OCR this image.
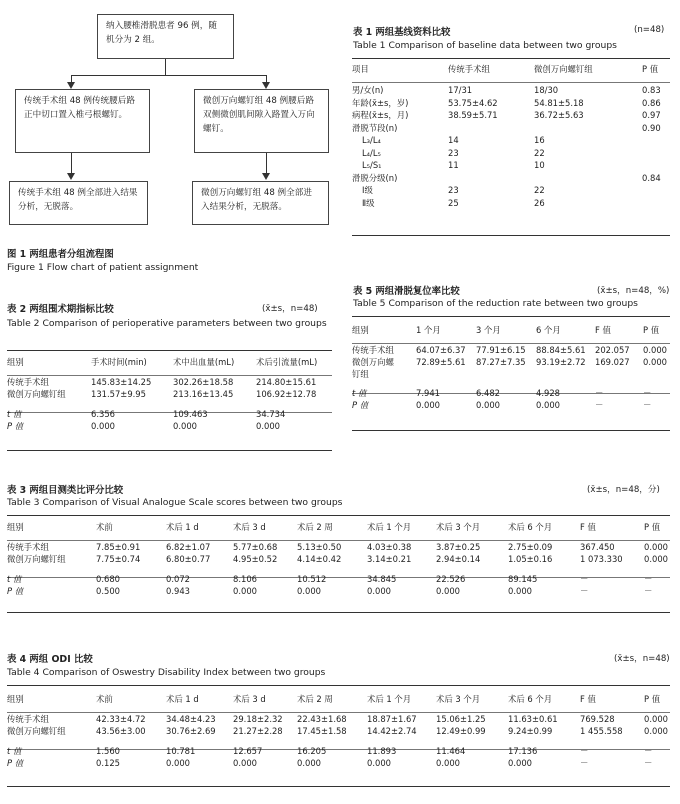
纳入腰椎滑脱患者 96 例，随机分为 2 组。
传统手术组 48 例传统腰后路正中切口置入椎弓根螺钉。
微创万向螺钉组 48 例腰后路双侧微创肌间隙入路置入万向螺钉。
传统手术组 48 例全部进入结果分析，无脱落。
微创万向螺钉组 48 例全部进入结果分析，无脱落。
图 1 两组患者分组流程图
Figure 1 Flow chart of patient assignment
表 1 两组基线资料比较	(n=48)
Table 1 Comparison of baseline data between two groups
项目	传统手术组	微创万向螺钉组	P 值

男/女(n)	17/31	18/30	0.83
年龄(x̄±s，岁)	53.75±4.62	54.81±5.18	0.86
病程(x̄±s，月)	38.59±5.71	36.72±5.63	0.97
滑脱节段(n)			0.90
L₃/L₄	14	16	
L₄/L₅	23	22	
L₅/S₁	11	10	
滑脱分级(n)			0.84
Ⅰ级	23	22	
Ⅱ级	25	26	
表 2 两组围术期指标比较	(x̄±s，n=48)
Table 2 Comparison of perioperative parameters between two groups
组别	手术时间(min)	术中出血量(mL)	术后引流量(mL)

传统手术组	145.83±14.25	302.26±18.58	214.80±15.61
微创万向螺钉组	131.57±9.95	213.16±13.45	106.92±12.78

t 值	6.356	109.463	34.734
P 值	0.000	0.000	0.000
表 5 两组滑脱复位率比较	(x̄±s，n=48，%)
Table 5 Comparison of the reduction rate between two groups
组别	1 个月	3 个月	6 个月	F 值	P 值

传统手术组	64.07±6.37	77.91±6.15	88.84±5.61	202.057	0.000
微创万向螺	72.89±5.61	87.27±7.35	93.19±2.72	169.027	0.000
钉组					

t 值	7.941	6.482	4.928	－	－
P 值	0.000	0.000	0.000	－	－
表 3 两组目测类比评分比较	(x̄±s，n=48，分)
Table 3 Comparison of Visual Analogue Scale scores between two groups
组别	术前	术后 1 d	术后 3 d	术后 2 周	术后 1 个月	术后 3 个月	术后 6 个月	F 值	P 值

传统手术组	7.85±0.91	6.82±1.07	5.77±0.68	5.13±0.50	4.03±0.38	3.87±0.25	2.75±0.09	367.450	0.000
微创万向螺钉组	7.75±0.74	6.80±0.77	4.95±0.52	4.14±0.42	3.14±0.21	2.94±0.14	1.05±0.16	1 073.330	0.000

t 值	0.680	0.072	8.106	10.512	34.845	22.526	89.145	－	－
P 值	0.500	0.943	0.000	0.000	0.000	0.000	0.000	－	－
表 4 两组 ODI 比较	(x̄±s，n=48)
Table 4 Comparison of Oswestry Disability Index between two groups
组别	术前	术后 1 d	术后 3 d	术后 2 周	术后 1 个月	术后 3 个月	术后 6 个月	F 值	P 值

传统手术组	42.33±4.72	34.48±4.23	29.18±2.32	22.43±1.68	18.87±1.67	15.06±1.25	11.63±0.61	769.528	0.000
微创万向螺钉组	43.56±3.00	30.76±2.69	21.27±2.28	17.45±1.58	14.42±2.74	12.49±0.99	9.24±0.99	1 455.558	0.000

t 值	1.560	10.781	12.657	16.205	11.893	11.464	17.136	－	－
P 值	0.125	0.000	0.000	0.000	0.000	0.000	0.000	－	－
